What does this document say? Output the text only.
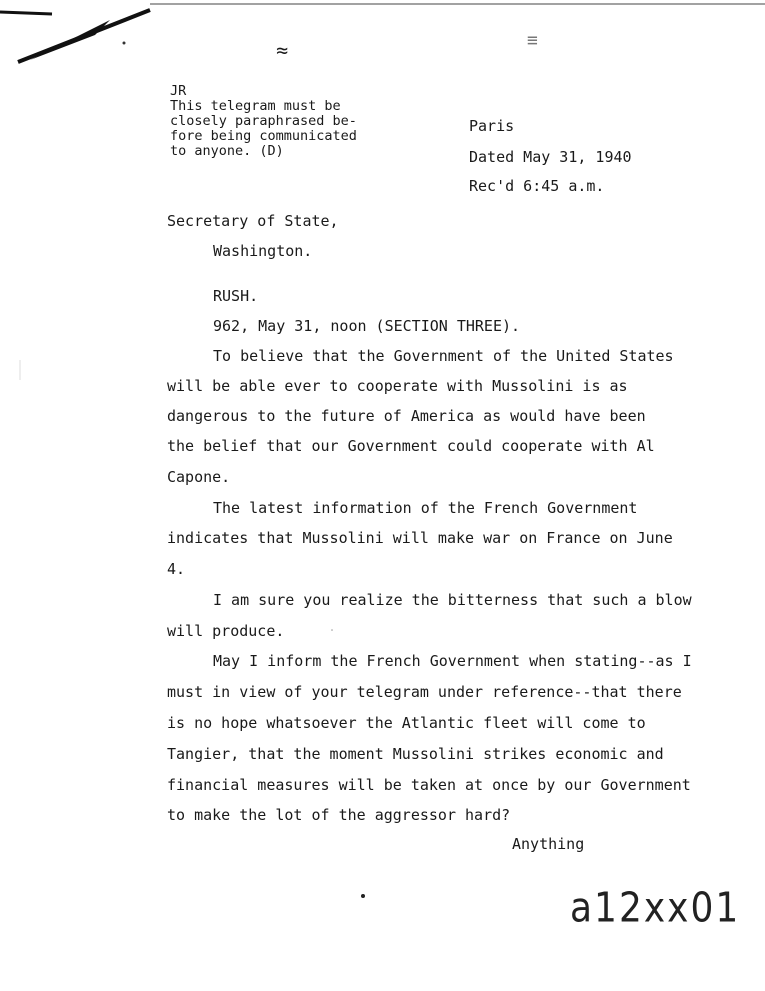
≈	≡
JR
This telegram must be
closely paraphrased be-
fore being communicated
to anyone. (D)
Paris
Dated May 31, 1940
Rec'd 6:45 a.m.
Secretary of State,
Washington.
RUSH.
962, May 31, noon (SECTION THREE).
To believe that the Government of the United States
will be able ever to cooperate with Mussolini is as
dangerous to the future of America as would have been
the belief that our Government could cooperate with Al
Capone.
The latest information of the French Government
indicates that Mussolini will make war on France on June
4.
I am sure you realize the bitterness that such a blow
will produce.
May I inform the French Government when stating--as I
must in view of your telegram under reference--that there
is no hope whatsoever the Atlantic fleet will come to
Tangier, that the moment Mussolini strikes economic and
financial measures will be taken at once by our Government
to make the lot of the aggressor hard?
Anything
a12xx01
